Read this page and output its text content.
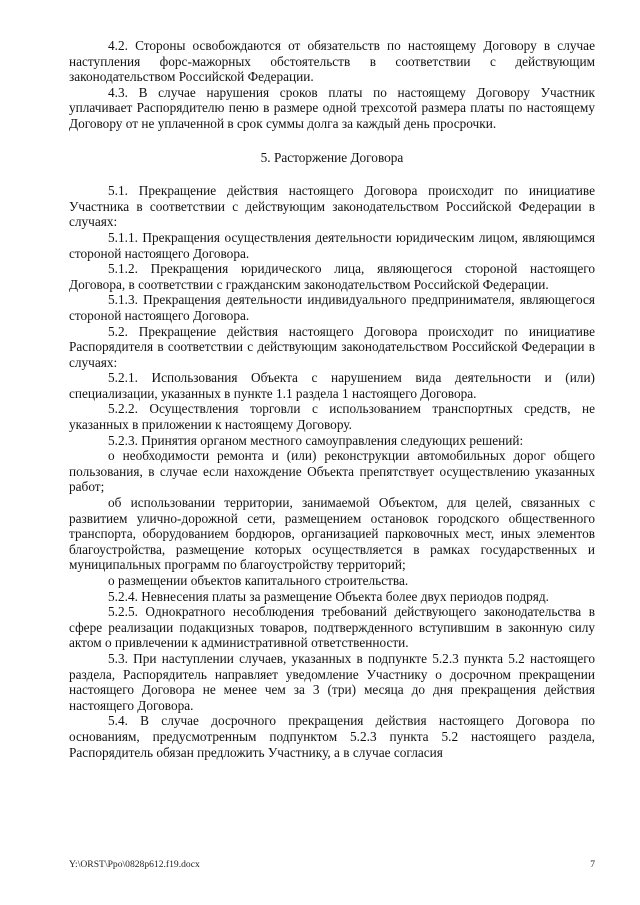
4.2. Стороны освобождаются от обязательств по настоящему Договору в случае наступления форс-мажорных обстоятельств в соответствии с действующим законодательством Российской Федерации.

4.3. В случае нарушения сроков платы по настоящему Договору Участник уплачивает Распорядителю пеню в размере одной трехсотой размера платы по настоящему Договору от не уплаченной в срок суммы долга за каждый день просрочки.

5. Расторжение Договора

5.1. Прекращение действия настоящего Договора происходит по инициативе Участника в соответствии с действующим законодательством Российской Федерации в случаях:

5.1.1. Прекращения осуществления деятельности юридическим лицом, являющимся стороной настоящего Договора.

5.1.2. Прекращения юридического лица, являющегося стороной настоящего Договора, в соответствии с гражданским законодательством Российской Федерации.

5.1.3. Прекращения деятельности индивидуального предпринимателя, являющегося стороной настоящего Договора.

5.2. Прекращение действия настоящего Договора происходит по инициативе Распорядителя в соответствии с действующим законодательством Российской Федерации в случаях:

5.2.1. Использования Объекта с нарушением вида деятельности и (или) специализации, указанных в пункте 1.1 раздела 1 настоящего Договора.

5.2.2. Осуществления торговли с использованием транспортных средств, не указанных в приложении к настоящему Договору.

5.2.3. Принятия органом местного самоуправления следующих решений:

о необходимости ремонта и (или) реконструкции автомобильных дорог общего пользования, в случае если нахождение Объекта препятствует осуществлению указанных работ;

об использовании территории, занимаемой Объектом, для целей, связанных с развитием улично-дорожной сети, размещением остановок городского общественного транспорта, оборудованием бордюров, организацией парковочных мест, иных элементов благоустройства, размещение которых осуществляется в рамках государственных и муниципальных программ по благоустройству территорий;

о размещении объектов капитального строительства.

5.2.4. Невнесения платы за размещение Объекта более двух периодов подряд.

5.2.5. Однократного несоблюдения требований действующего законодательства в сфере реализации подакцизных товаров, подтвержденного вступившим в законную силу актом о привлечении к административной ответственности.

5.3. При наступлении случаев, указанных в подпункте 5.2.3 пункта 5.2 настоящего раздела, Распорядитель направляет уведомление Участнику о досрочном прекращении настоящего Договора не менее чем за 3 (три) месяца до дня прекращения действия настоящего Договора.

5.4. В случае досрочного прекращения действия настоящего Договора по основаниям, предусмотренным подпунктом 5.2.3 пункта 5.2 настоящего раздела, Распорядитель обязан предложить Участнику, а в случае согласия

Y:\ORST\Ppo\0828p612.f19.docx	7
